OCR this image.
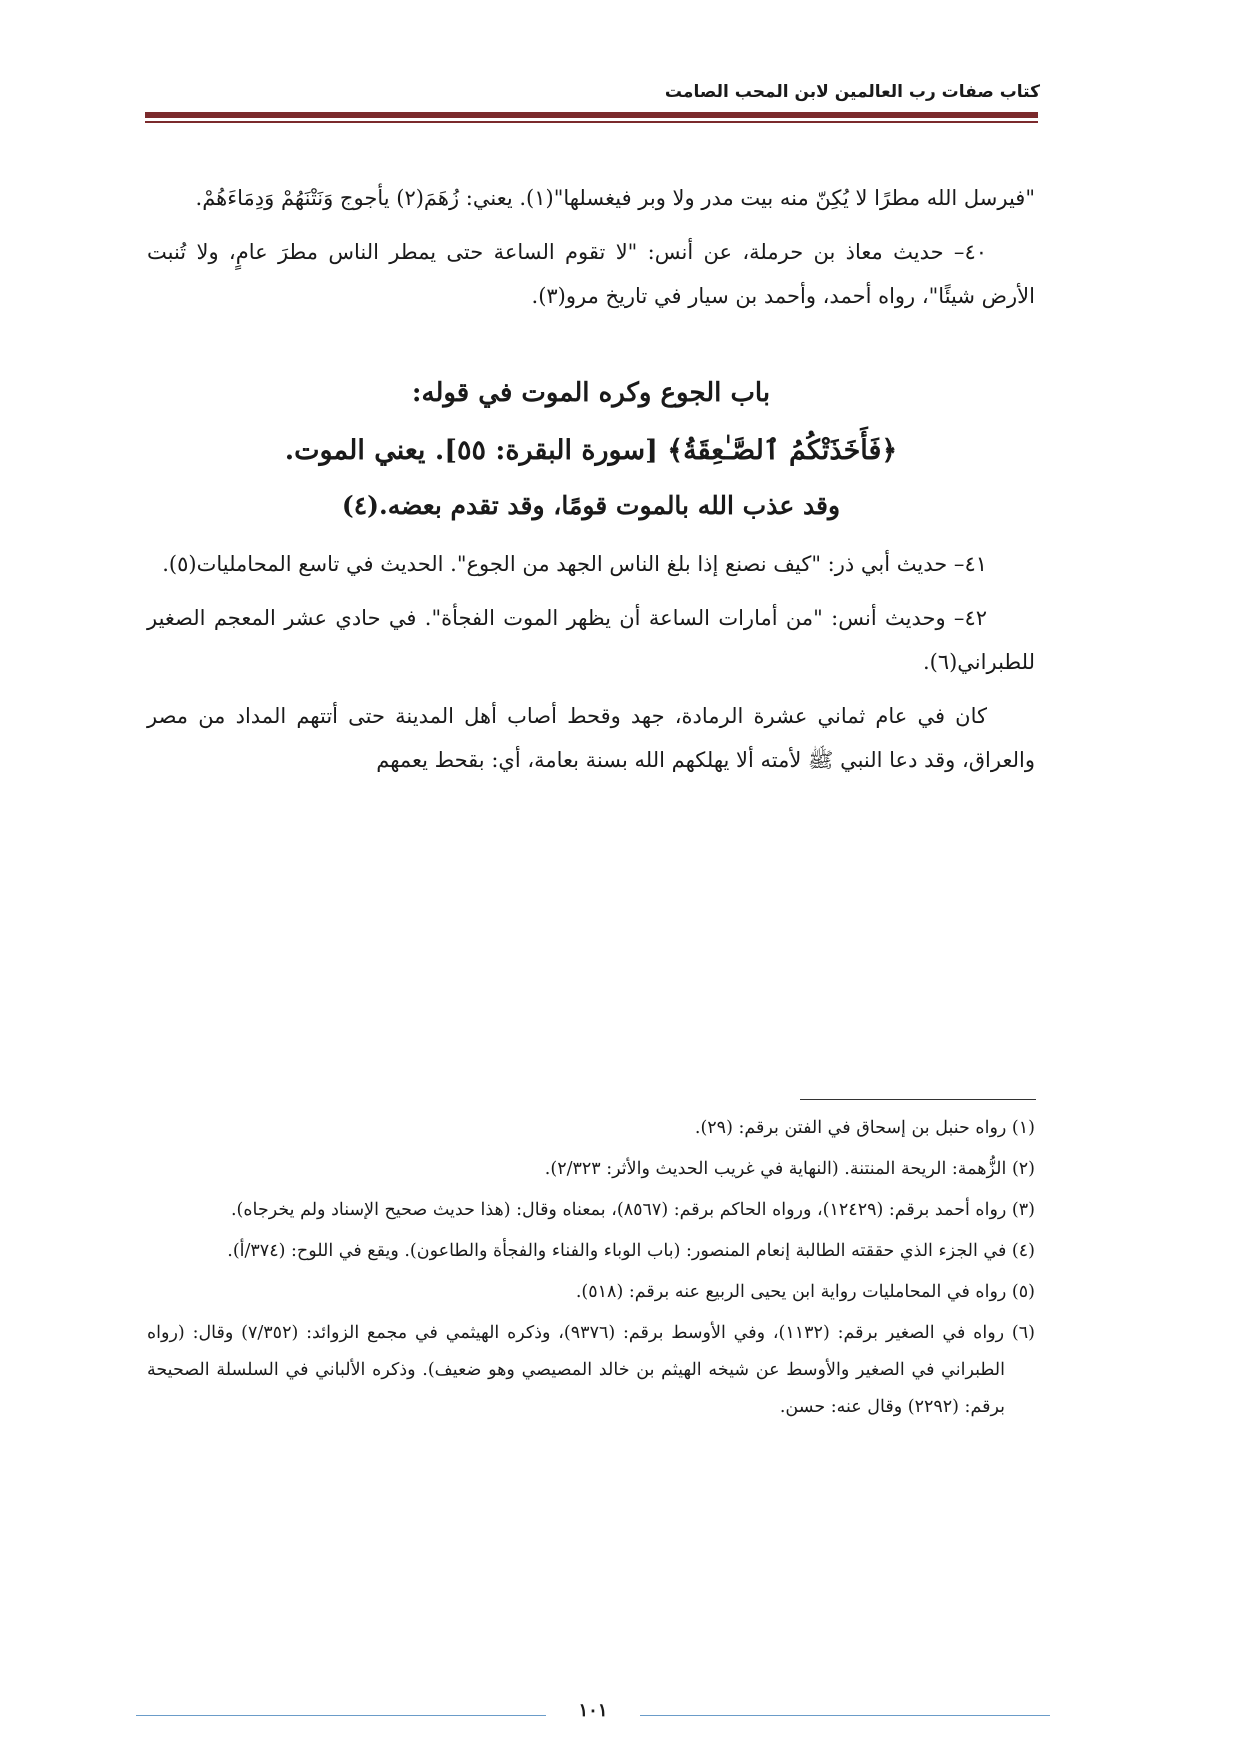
كتاب صفات رب العالمين لابن المحب الصامت

"فيرسل الله مطرًا لا يُكِنّ منه بيت مدر ولا وبر فيغسلها"(١). يعني: زُهَمَ(٢) يأجوج وَنَتْنَهُمْ وَدِمَاءَهُمْ.

٤٠– حديث معاذ بن حرملة، عن أنس: "لا تقوم الساعة حتى يمطر الناس مطرَ عامٍ، ولا تُنبت الأرض شيئًا"، رواه أحمد، وأحمد بن سيار في تاريخ مرو(٣).

باب الجوع وكره الموت في قوله:

﴿فَأَخَذَتْكُمُ ٱلصَّـٰعِقَةُ﴾ [سورة البقرة: ٥٥]. يعني الموت.

وقد عذب الله بالموت قومًا، وقد تقدم بعضه.(٤)

٤١– حديث أبي ذر: "كيف نصنع إذا بلغ الناس الجهد من الجوع". الحديث في تاسع المحامليات(٥).

٤٢– وحديث أنس: "من أمارات الساعة أن يظهر الموت الفجأة". في حادي عشر المعجم الصغير للطبراني(٦).

كان في عام ثماني عشرة الرمادة، جهد وقحط أصاب أهل المدينة حتى أتتهم المداد من مصر والعراق، وقد دعا النبي ﷺ لأمته ألا يهلكهم الله بسنة بعامة، أي: بقحط يعمهم

(١) رواه حنبل بن إسحاق في الفتن برقم: (٢٩).

(٢) الزُّهمة: الريحة المنتنة. (النهاية في غريب الحديث والأثر: ٢/٣٢٣).

(٣) رواه أحمد برقم: (١٢٤٢٩)، ورواه الحاكم برقم: (٨٥٦٧)، بمعناه وقال: (هذا حديث صحيح الإسناد ولم يخرجاه).

(٤) في الجزء الذي حققته الطالبة إنعام المنصور: (باب الوباء والفناء والفجأة والطاعون). ويقع في اللوح: (٣٧٤/أ).

(٥) رواه في المحامليات رواية ابن يحيى الربيع عنه برقم: (٥١٨).

(٦) رواه في الصغير برقم: (١١٣٢)، وفي الأوسط برقم: (٩٣٧٦)، وذكره الهيثمي في مجمع الزوائد: (٧/٣٥٢) وقال: (رواه الطبراني في الصغير والأوسط عن شيخه الهيثم بن خالد المصيصي وهو ضعيف). وذكره الألباني في السلسلة الصحيحة برقم: (٢٢٩٢) وقال عنه: حسن.

١٠١
